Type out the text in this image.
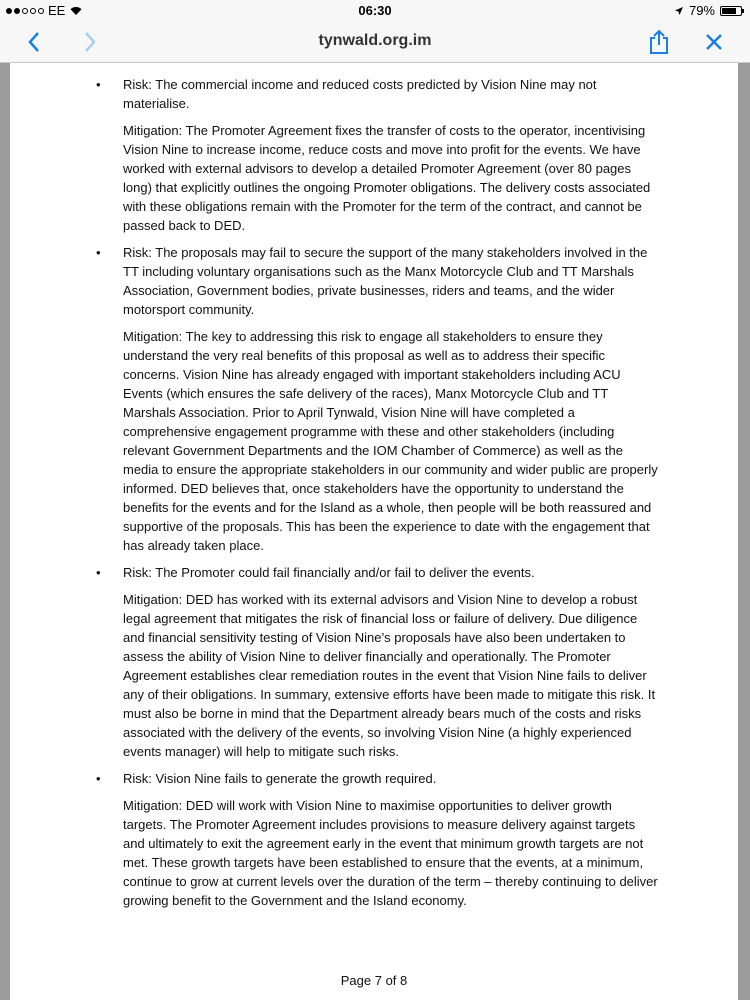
EE	06:30	79%
tynwald.org.im
• Risk: The commercial income and reduced costs predicted by Vision Nine may not materialise.

Mitigation: The Promoter Agreement fixes the transfer of costs to the operator, incentivising Vision Nine to increase income, reduce costs and move into profit for the events. We have worked with external advisors to develop a detailed Promoter Agreement (over 80 pages long) that explicitly outlines the ongoing Promoter obligations. The delivery costs associated with these obligations remain with the Promoter for the term of the contract, and cannot be passed back to DED.

• Risk: The proposals may fail to secure the support of the many stakeholders involved in the TT including voluntary organisations such as the Manx Motorcycle Club and TT Marshals Association, Government bodies, private businesses, riders and teams, and the wider motorsport community.

Mitigation: The key to addressing this risk to engage all stakeholders to ensure they understand the very real benefits of this proposal as well as to address their specific concerns. Vision Nine has already engaged with important stakeholders including ACU Events (which ensures the safe delivery of the races), Manx Motorcycle Club and TT Marshals Association. Prior to April Tynwald, Vision Nine will have completed a comprehensive engagement programme with these and other stakeholders (including relevant Government Departments and the IOM Chamber of Commerce) as well as the media to ensure the appropriate stakeholders in our community and wider public are properly informed. DED believes that, once stakeholders have the opportunity to understand the benefits for the events and for the Island as a whole, then people will be both reassured and supportive of the proposals. This has been the experience to date with the engagement that has already taken place.

• Risk: The Promoter could fail financially and/or fail to deliver the events.

Mitigation: DED has worked with its external advisors and Vision Nine to develop a robust legal agreement that mitigates the risk of financial loss or failure of delivery. Due diligence and financial sensitivity testing of Vision Nine’s proposals have also been undertaken to assess the ability of Vision Nine to deliver financially and operationally. The Promoter Agreement establishes clear remediation routes in the event that Vision Nine fails to deliver any of their obligations. In summary, extensive efforts have been made to mitigate this risk. It must also be borne in mind that the Department already bears much of the costs and risks associated with the delivery of the events, so involving Vision Nine (a highly experienced events manager) will help to mitigate such risks.

• Risk: Vision Nine fails to generate the growth required.

Mitigation: DED will work with Vision Nine to maximise opportunities to deliver growth targets. The Promoter Agreement includes provisions to measure delivery against targets and ultimately to exit the agreement early in the event that minimum growth targets are not met. These growth targets have been established to ensure that the events, at a minimum, continue to grow at current levels over the duration of the term – thereby continuing to deliver growing benefit to the Government and the Island economy.

Page 7 of 8
